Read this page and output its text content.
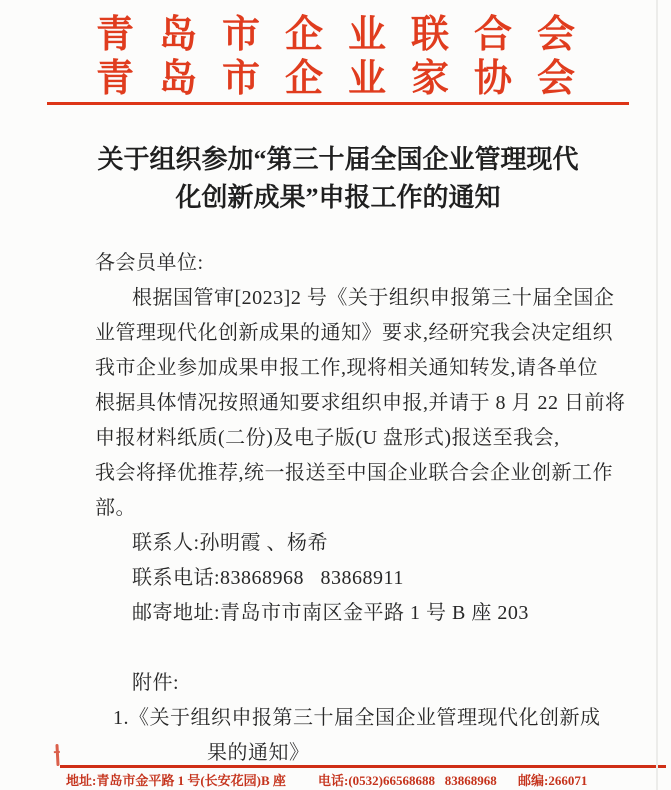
青岛市企业联合会
青岛市企业家协会
关于组织参加“第三十届全国企业管理现代
化创新成果”申报工作的通知

各会员单位:

根据国管审[2023]2 号《关于组织申报第三十届全国企

业管理现代化创新成果的通知》要求,经研究我会决定组织

我市企业参加成果申报工作,现将相关通知转发,请各单位

根据具体情况按照通知要求组织申报,并请于 8 月 22 日前将

申报材料纸质(二份)及电子版(U 盘形式)报送至我会,

我会将择优推荐,统一报送至中国企业联合会企业创新工作

部。

联系人:孙明霞 、杨希

联系电话:83868968   83868911

邮寄地址:青岛市市南区金平路 1 号 B 座 203

附件:

1.《关于组织申报第三十届全国企业管理现代化创新成

果的通知》

地址:青岛市金平路 1 号(长安花园)B 座 电话:(0532)66568688   83868968 邮编:266071
